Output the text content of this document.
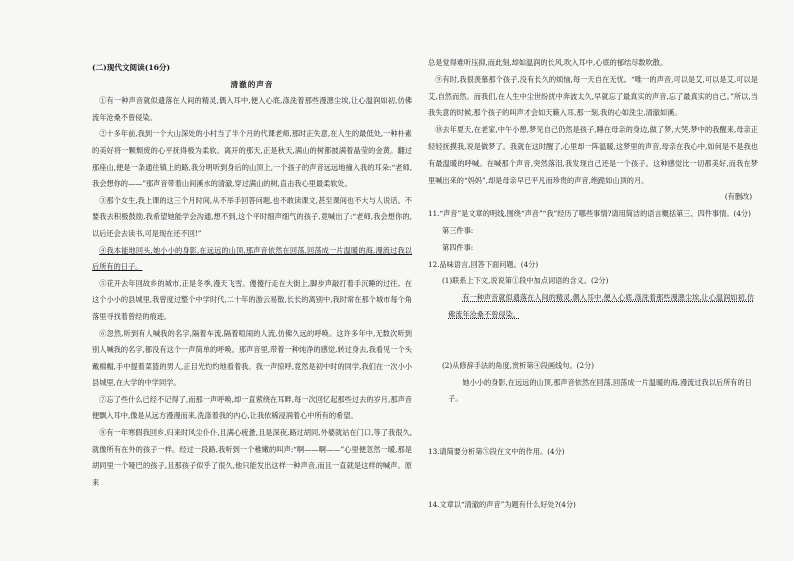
(二)现代文阅读(16分)
清澈的声音

①有一种声音就似遗落在人间的精灵,偶入耳中,便入心底,涤洗着那些漫漶尘埃,让心温润如初,仿佛流年沧桑不曾侵染。

②十多年前,我到一个大山深处的小村当了半个月的代课老师,那时正失意,在人生的最低处,一种朴素的美好将一颗颓废的心平抚得极为柔软。离开的那天,正是秋天,满山的树都披满着晶莹的金黄。翻过那座山,便是一条通往镇上的路,我分明听到身后的山顶上,一个孩子的声音远远地撞入我的耳朵:“老师,我会想你的——”那声音带着山间溪水的清澈,穿过满山的树,直击我心里最柔软处。

③那个女生,我上课的这三个月时间,从不举手回答问题,也不敢读课文,甚至课间也不大与人说话。不要我去积极鼓励,我希望她能学会沟通,想不到,这个平时细声细气的孩子,竟喊出了:“老师,我会想你的,以后还会去读书,可是现在还不回!”

④我本能地回头,她小小的身影,在远远的山顶,那声音依然在回荡,回荡成一片温暖的海,漫流过我以后所有的日子。

⑤花开去年回故乡的城市,正是冬季,漫天飞雪。傻傻行走在大街上,脚步声敲打着手沉睡的过往。在这个小小的县城里,我曾度过整个中学时代,二十年的游云易散,长长的离别中,我时常在那个城市每个角落里寻找着曾经的痕迹。

⑥忽然,听到有人喊我的名字,隔着车流,隔着喧闹的人流,仿佛久远的呼唤。这许多年中,无数次听到别人喊我的名字,都没有这个一声简单的呼唤。那声音里,带着一种纯净的感觉,转过身去,我看见一个头戴棉帽,手中提着菜篮的男人,正目光灼灼地看着我。我一声惊呼,竟然是初中时的同学,我们在一次小小县城里,在大学的中学同学。

⑦忘了些什么已经不记得了,而那一声呼唤,却一直萦绕在耳畔,每一次回忆起那些过去的岁月,那声音便飘入耳中,像是从远方漫漫而来,洗涤着我的内心,让我依稀浸润着心中所有的希望。

⑧有一年寒假我回乡,归来时风尘仆仆,且满心疲惫,且是深夜,路过胡同,外婆就站在门口,等了我很久,就像所有在外的孩子一样。经过一段路,我听到一个稚嫩的叫声:“啊——啊——”心里便忽然一暖,那是胡同里一个哑巴的孩子,且那孩子似乎了很久,他只能发出这样一种声音,而且一直就是这样的喊声。原来

总是觉得难听压抑,而此刻,却如温润的长风,吹入耳中,心底的郁结尽数吹散。

⑨有时,我很羡慕那个孩子,没有长久的烦恼,每一天自在无忧。“唯一的声音,可以是艾,可以是艾,可以是艾,自然而然。而我们,在人生中尘世纷扰中奔波太久,早就忘了最真实的声音,忘了最真实的自己。”所以,当我失意的时候,那个孩子的叫声才会如天籁入耳,那一刻,我的心如洗尘,清澈如溪。

⑩去年夏天,在老家,中午小憩,梦见自己仍然是孩子,睡在母亲的身边,做了梦,大哭,梦中的我醒来,母亲正轻轻抚摸我,说是做梦了。我就在这时醒了,心里却一阵温暖,这梦里的声音,母亲在我心中,如何是不是我也有最温暖的呼喊。在喊那个声音,突然落泪,我发现自己还是一个孩子。这种感觉比一切都美好,而我在梦里喊出来的“妈妈”,却是母亲早已平凡而珍贵的声音,绝跪如山顶的月。

(有删改)

11.“声音”是文章的明线,围绕“声音”“我”经历了哪些事情?请用简洁的语言概括第三、四件事情。(4分)

第三件事:
第四件事:

12.品味语言,回答下面问题。(4分)

(1)联系上下文,说说第①段中加点词语的含义。(2分)
有一种声音就似遗落在人间的精灵,偶入耳中,便入心底,涤洗着那些漫漶尘埃,让心温润如初,仿佛流年沧桑不曾侵染。
(2)从修辞手法的角度,赏析第④段画线句。(2分)
她小小的身影,在远远的山顶,那声音依然在回荡,回荡成一片温暖的海,漫流过我以后所有的日子。

13.请简要分析第⑤段在文中的作用。(4分)

14.文章以“清澈的声音”为题有什么好处?(4分)
